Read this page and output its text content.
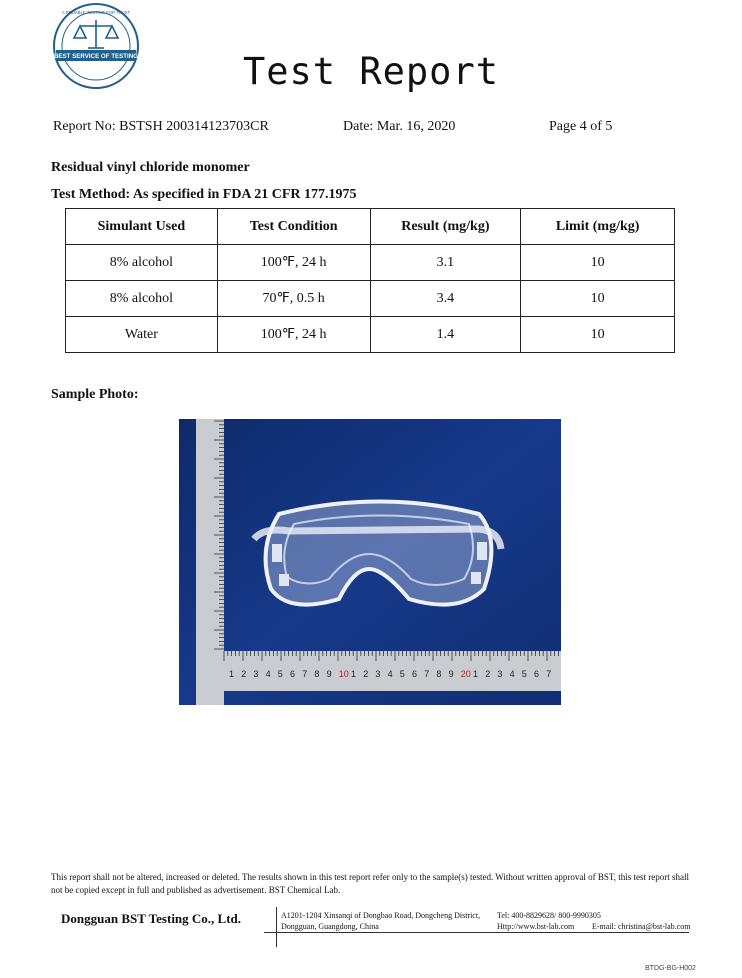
BEST SERVICE OF TESTING
A RELIABLE TESTING FOR TRUST
Test Report
Report No: BSTSH 200314123703CR	Date: Mar. 16, 2020	Page 4 of 5
Residual vinyl chloride monomer
Test Method: As specified in FDA 21 CFR 177.1975
Simulant Used	Test Condition	Result (mg/kg)	Limit (mg/kg)
8% alcohol	100℉, 24 h	3.1	10
8% alcohol	70℉, 0.5 h	3.4	10
Water	100℉, 24 h	1.4	10
Sample Photo:
1 2 3 4 5 6 7 8 9 10 1 2 3 4 5 6 7 8 9 20 1 2 3 4 5 6 7
This report shall not be altered, increased or deleted. The results shown in this test report refer only to the sample(s) tested. Without written approval of BST, this test report shall not be copied except in full and published as advertisement. BST Chemical Lab.
Dongguan BST Testing Co., Ltd.	A1201-1204 Xinsanqi of Dongbao Road, Dongcheng District,
Dongguan, Guangdong, China
Tel: 400-8829628/ 800-9990305
Http://www.bst-lab.com E-mail: christina@bst-lab.com
BTDG-BG-H002
